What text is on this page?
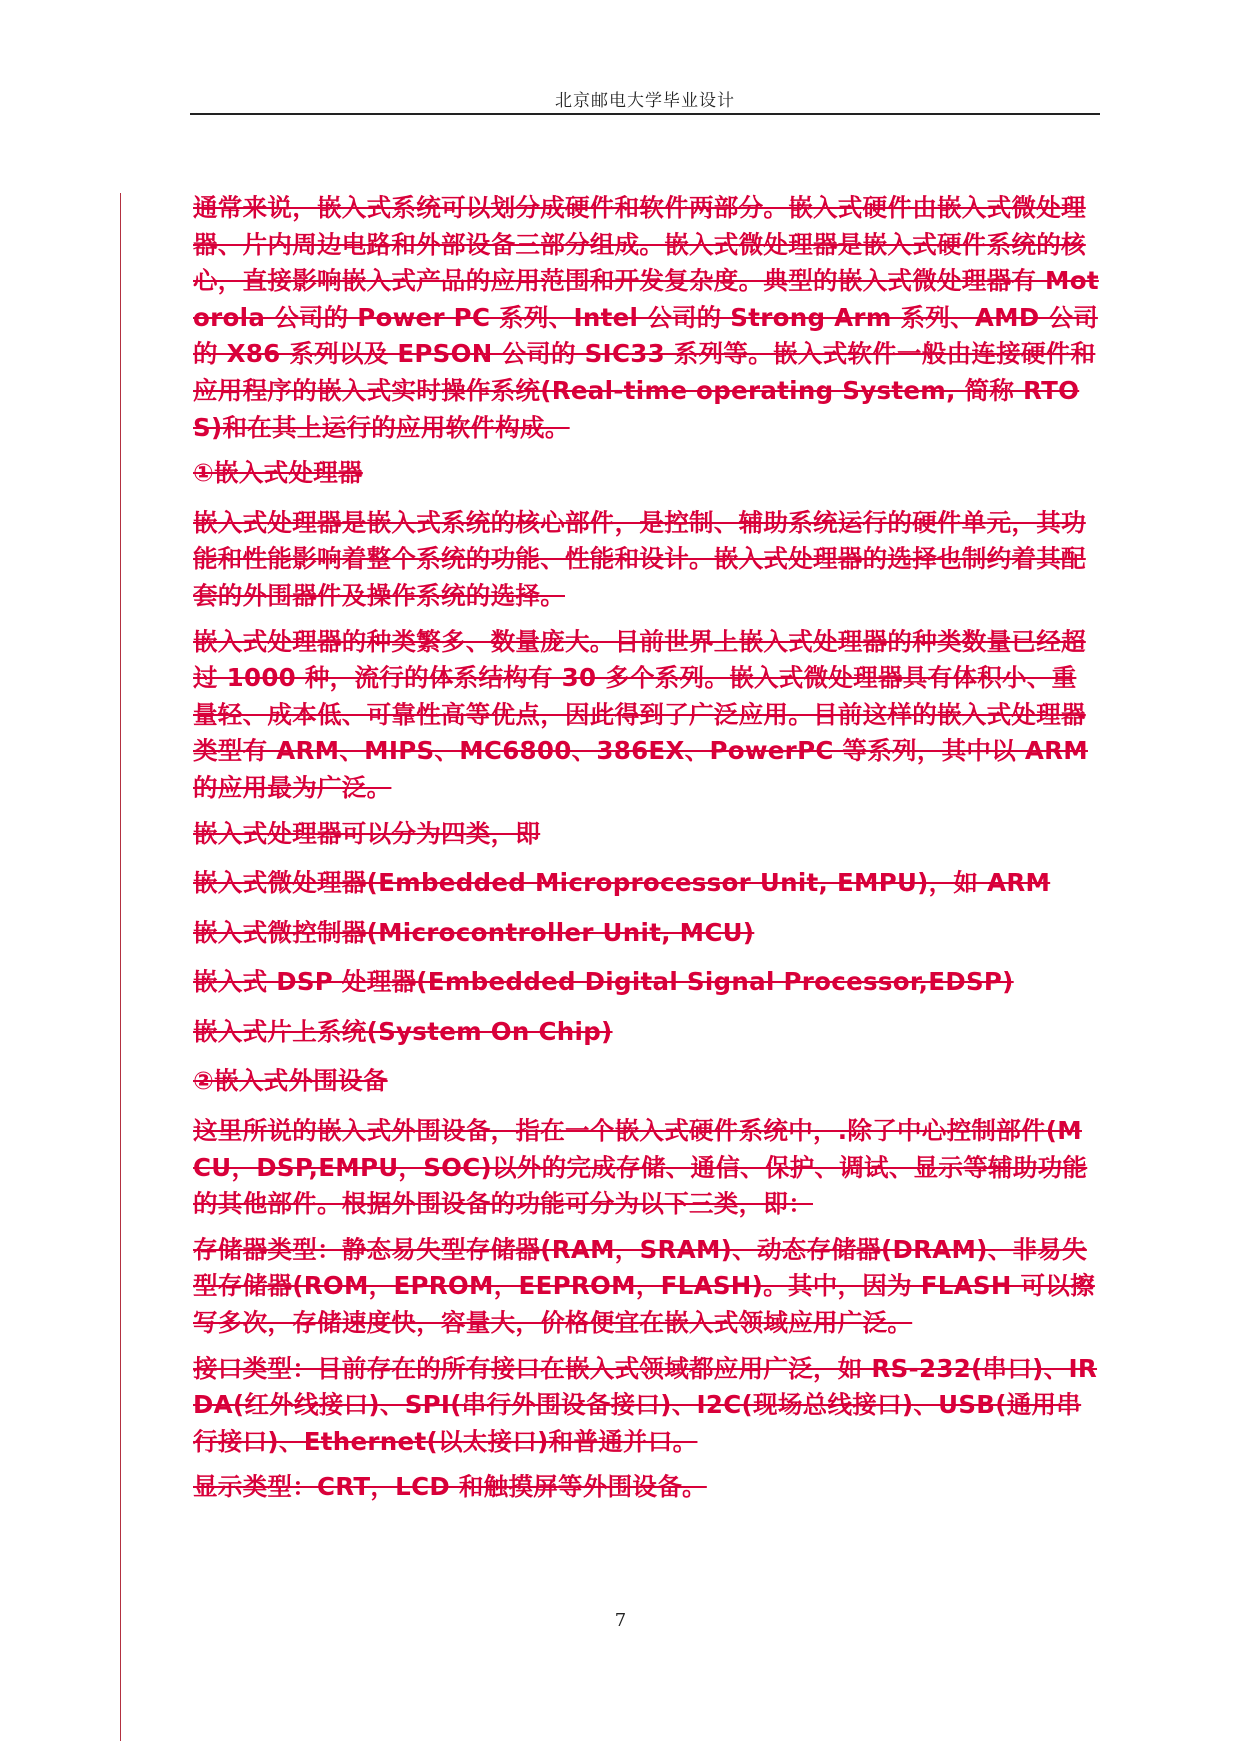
北京邮电大学毕业设计

通常来说，嵌入式系统可以划分成硬件和软件两部分。嵌入式硬件由嵌入式微处理器、片内周边电路和外部设备三部分组成。嵌入式微处理器是嵌入式硬件系统的核心，直接影响嵌入式产品的应用范围和开发复杂度。典型的嵌入式微处理器有 Motorola 公司的 Power PC 系列、Intel 公司的 Strong Arm 系列、AMD 公司的 X86 系列以及 EPSON 公司的 SIC33 系列等。嵌入式软件一般由连接硬件和应用程序的嵌入式实时操作系统(Real-time operating System, 简称 RTOS)和在其上运行的应用软件构成。

①嵌入式处理器

嵌入式处理器是嵌入式系统的核心部件，是控制、辅助系统运行的硬件单元，其功能和性能影响着整个系统的功能、性能和设计。嵌入式处理器的选择也制约着其配套的外围器件及操作系统的选择。

嵌入式处理器的种类繁多、数量庞大。目前世界上嵌入式处理器的种类数量已经超过 1000 种，流行的体系结构有 30 多个系列。嵌入式微处理器具有体积小、重量轻、成本低、可靠性高等优点，因此得到了广泛应用。目前这样的嵌入式处理器类型有 ARM、MIPS、MC6800、386EX、PowerPC 等系列，其中以 ARM 的应用最为广泛。

嵌入式处理器可以分为四类，即

嵌入式微处理器(Embedded Microprocessor Unit, EMPU)，如 ARM

嵌入式微控制器(Microcontroller Unit, MCU)

嵌入式 DSP 处理器(Embedded Digital Signal Processor,EDSP)

嵌入式片上系统(System On Chip)

②嵌入式外围设备

这里所说的嵌入式外围设备，指在一个嵌入式硬件系统中，.除了中心控制部件(MCU，DSP,EMPU，SOC)以外的完成存储、通信、保护、调试、显示等辅助功能的其他部件。根据外围设备的功能可分为以下三类，即：

存储器类型：静态易失型存储器(RAM，SRAM)、动态存储器(DRAM)、非易失型存储器(ROM，EPROM，EEPROM，FLASH)。其中，因为 FLASH 可以擦写多次，存储速度快，容量大，价格便宜在嵌入式领域应用广泛。

接口类型：目前存在的所有接口在嵌入式领域都应用广泛，如 RS-232(串口)、IRDA(红外线接口)、SPI(串行外围设备接口)、I2C(现场总线接口)、USB(通用串行接口)、Ethernet(以太接口)和普通并口。

显示类型：CRT，LCD 和触摸屏等外围设备。

7
